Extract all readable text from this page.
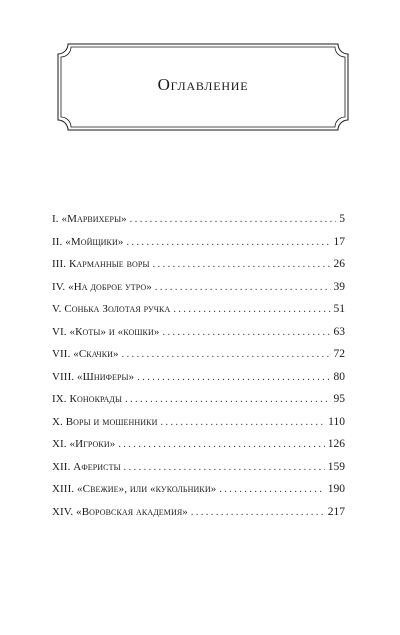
Оглавление
I. «Марвихеры» . . .	5
II. «Мойщики» . . .	17
III. Карманные воры . . .	26
IV. «На доброе утро» . . .	39
V. Сонька Золотая ручка . . .	51
VI. «Коты» и «кошки» . . .	63
VII. «Скачки» . . .	72
VIII. «Шниферы» . . .	80
IX. Конокрады . . .	95
X. Воры и мошенники . . .	110
XI. «Игроки» . . .	126
XII. Аферисты . . .	159
XIII. «Свежие», или «кукольники» . . .	190
XIV. «Воровская академия» . . .	217
